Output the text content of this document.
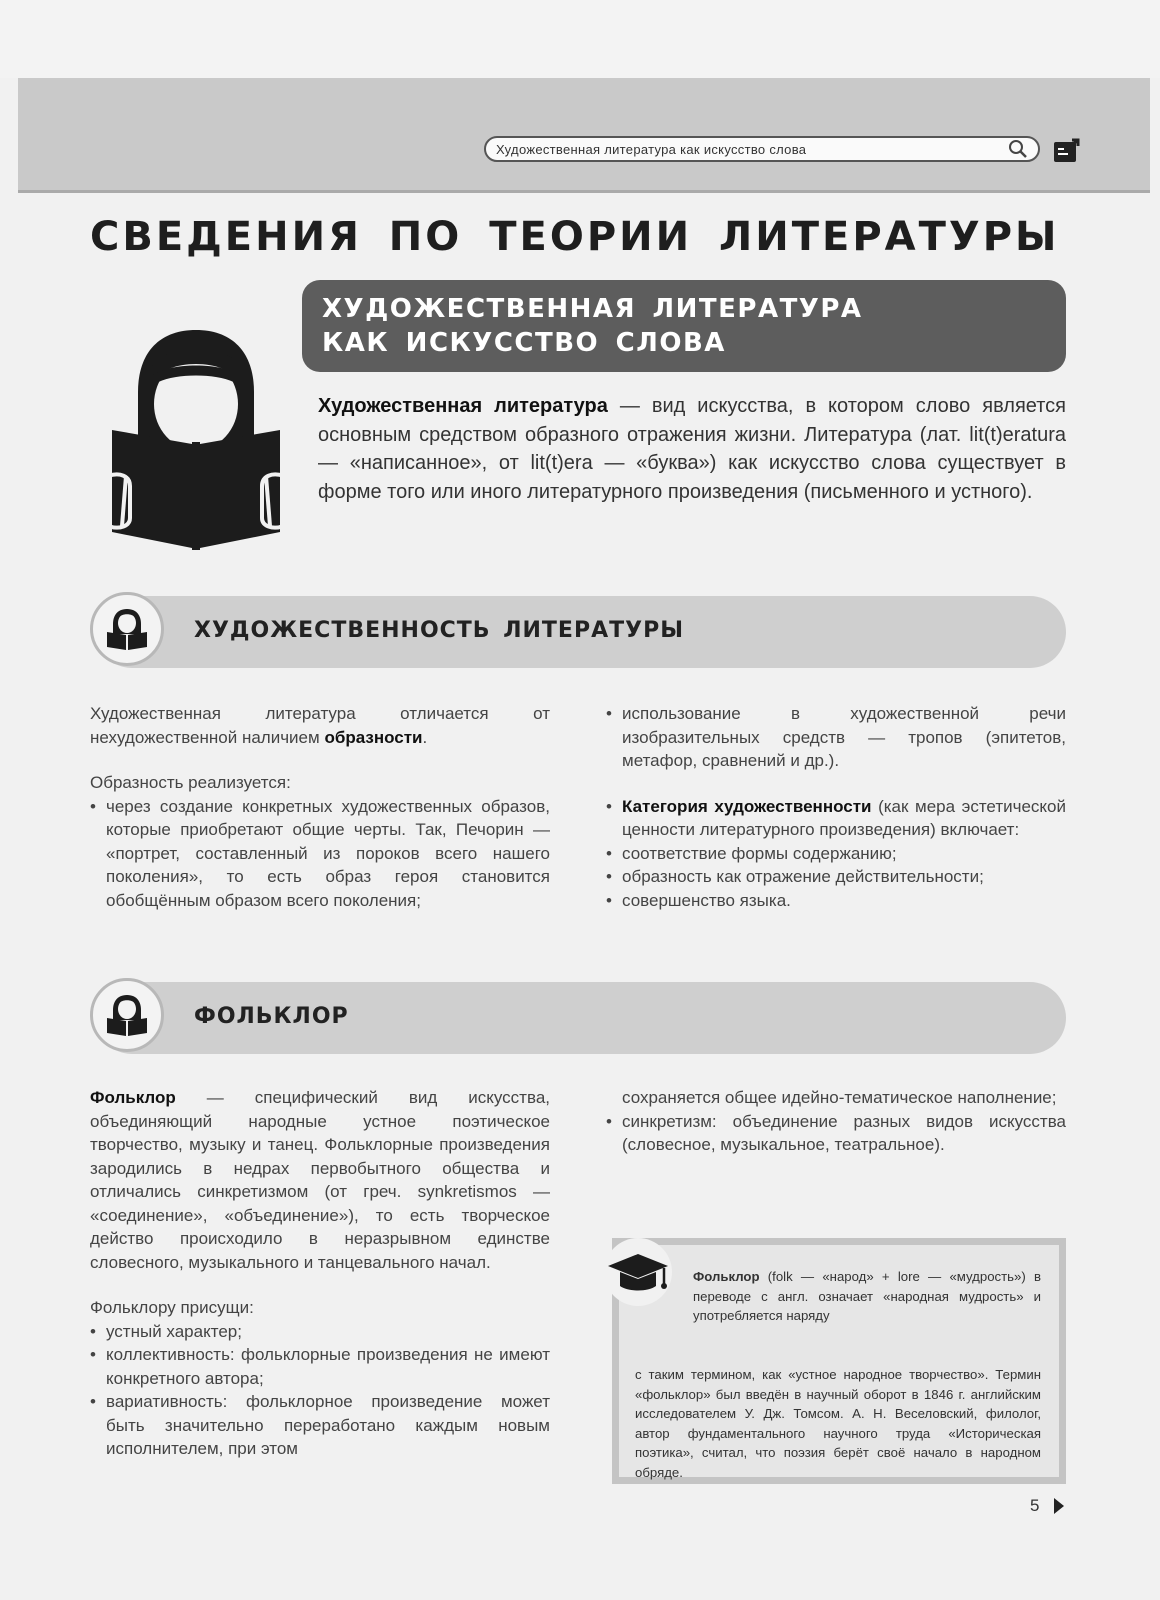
Художественная литература как искусство слова
СВЕДЕНИЯ ПО ТЕОРИИ ЛИТЕРАТУРЫ
ХУДОЖЕСТВЕННАЯ ЛИТЕРАТУРА
КАК ИСКУССТВО СЛОВА
Художественная литература — вид искусства, в котором слово является основным средством образного отражения жизни. Литература (лат. lit(t)eratura — «написанное», от lit(t)era — «буква») как искусство слова существует в форме того или иного литературного произведения (письменного и устного).
ХУДОЖЕСТВЕННОСТЬ ЛИТЕРАТУРЫ

Художественная литература отличается от нехудожественной наличием образности.

Образность реализуется:

• через создание конкретных художественных образов, которые приобретают общие черты. Так, Печорин — «портрет, составленный из пороков всего нашего поколения», то есть образ героя становится обобщённым образом всего поколения;
• использование в художественной речи изобразительных средств — тропов (эпитетов, метафор, сравнений и др.).
• Категория художественности (как мера эстетической ценности литературного произведения) включает:
• соответствие формы содержанию;
• образность как отражение действительности;
• совершенство языка.
ФОЛЬКЛОР

Фольклор — специфический вид искусства, объединяющий народные устное поэтическое творчество, музыку и танец. Фольклорные произведения зародились в недрах первобытного общества и отличались синкретизмом (от греч. synkretismos — «соединение», «объединение»), то есть творческое действо происходило в неразрывном единстве словесного, музыкального и танцевального начал.

Фольклору присущи:

• устный характер;
• коллективность: фольклорные произведения не имеют конкретного автора;
• вариативность: фольклорное произведение может быть значительно переработано каждым новым исполнителем, при этом

сохраняется общее идейно-тематическое наполнение;

• синкретизм: объединение разных видов искусства (словесное, музыкальное, театральное).
Фольклор (folk — «народ» + lore — «мудрость») в переводе с англ. означает «народная мудрость» и употребляется наряду
с таким термином, как «устное народное творчество». Термин «фольклор» был введён в научный оборот в 1846 г. английским исследователем У. Дж. Томсом. А. Н. Веселовский, филолог, автор фундаментального научного труда «Историческая поэтика», считал, что поэзия берёт своё начало в народном обряде.
5
